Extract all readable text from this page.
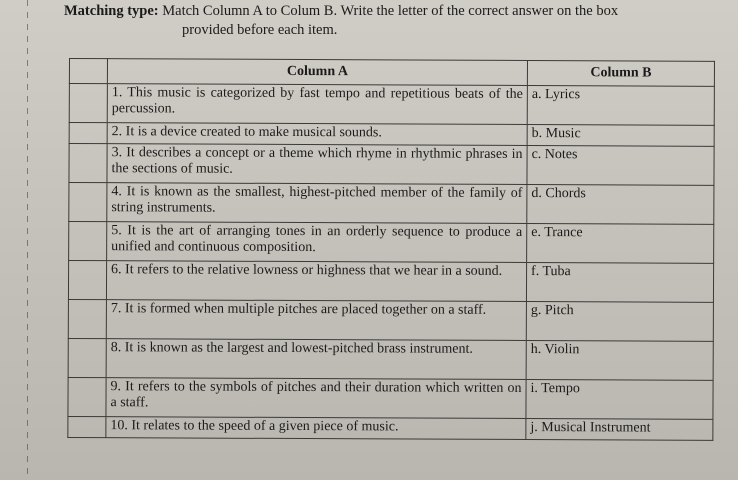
Matching type: Match Column A to Colum B. Write the letter of the correct answer on the box
provided before each item.
	Column A	Column B
	1. This music is categorized by fast tempo and repetitious beats of the percussion.	a. Lyrics
	2. It is a device created to make musical sounds.	b. Music
	3. It describes a concept or a theme which rhyme in rhythmic phrases in the sections of music.	c. Notes
	4. It is known as the smallest, highest-pitched member of the family of string instruments.	d. Chords
	5. It is the art of arranging tones in an orderly sequence to produce a unified and continuous composition.	e. Trance
	6. It refers to the relative lowness or highness that we hear in a sound.	f. Tuba
	7. It is formed when multiple pitches are placed together on a staff.	g. Pitch
	8. It is known as the largest and lowest-pitched brass instrument.	h. Violin
	9. It refers to the symbols of pitches and their duration which written on a staff.	i. Tempo
	10. It relates to the speed of a given piece of music.	j. Musical Instrument
